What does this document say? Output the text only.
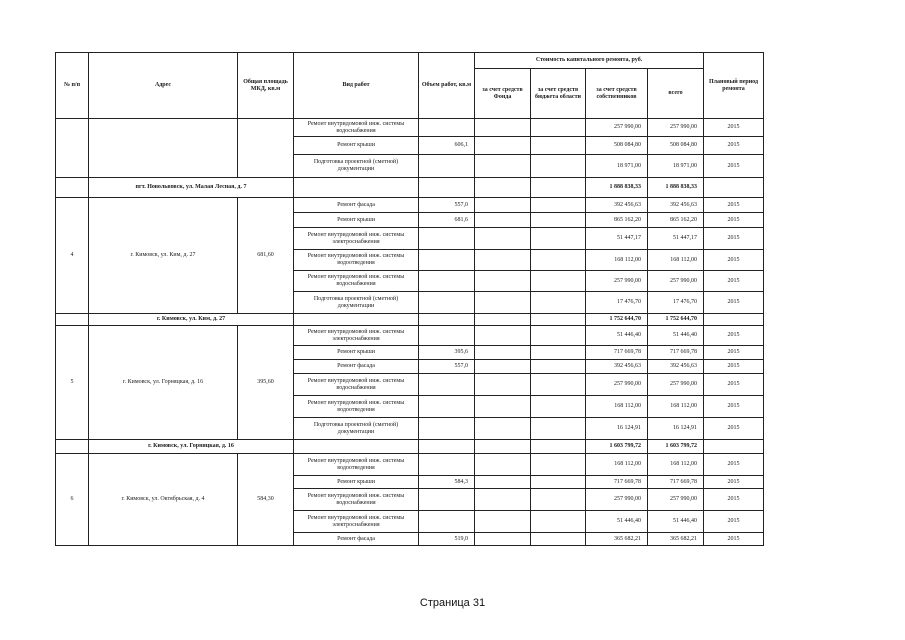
№ п/п	Адрес	Общая площадь МКД, кв.м	Вид работ	Объем работ, кв.м	Стоимость капитального ремонта, руб.				Плановый период ремонта
					за счет средств Фонда	за счет средств бюджета области	за счет средств собственников	всего	
			Ремонт внутридомовой инж. системы водоснабжения				257 990,00	257 990,00	2015
			Ремонт крыши	606,1			508 084,80	508 084,80	2015
			Подготовка проектной (сметной) документации				18 971,00	18 971,00	2015
	пгт. Новольвовск, ул. Малая Лесная, д. 7						1 888 838,33	1 888 838,33	
4	г. Кимовск, ул. Ким, д. 27	681,60	Ремонт фасада	557,0			392 456,63	392 456,63	2015
			Ремонт крыши	681,6			865 162,20	865 162,20	2015
			Ремонт внутридомовой инж. системы электроснабжения				51 447,17	51 447,17	2015
			Ремонт внутридомовой инж. системы водоотведения				168 112,00	168 112,00	2015
			Ремонт внутридомовой инж. системы водоснабжения				257 990,00	257 990,00	2015
			Подготовка проектной (сметной) документации				17 476,70	17 476,70	2015
	г. Кимовск, ул. Ким, д. 27						1 752 644,70	1 752 644,70	
5	г. Кимовск, ул. Горняцкая, д. 16	395,60	Ремонт внутридомовой инж. системы электроснабжения				51 446,40	51 446,40	2015
			Ремонт крыши	395,6			717 669,78	717 669,78	2015
			Ремонт фасада	557,0			392 456,63	392 456,63	2015
			Ремонт внутридомовой инж. системы водоснабжения				257 990,00	257 990,00	2015
			Ремонт внутридомовой инж. системы водоотведения				168 112,00	168 112,00	2015
			Подготовка проектной (сметной) документации				16 124,91	16 124,91	2015
	г. Кимовск, ул. Горняцкая, д. 16						1 603 799,72	1 603 799,72	
6	г. Кимовск, ул. Октябрьская, д. 4	584,30	Ремонт внутридомовой инж. системы водоотведения				168 112,00	168 112,00	2015
			Ремонт крыши	584,3			717 669,78	717 669,78	2015
			Ремонт внутридомовой инж. системы водоснабжения				257 990,00	257 990,00	2015
			Ремонт внутридомовой инж. системы электроснабжения				51 446,40	51 446,40	2015
			Ремонт фасада	519,0			365 682,21	365 682,21	2015
Страница 31
